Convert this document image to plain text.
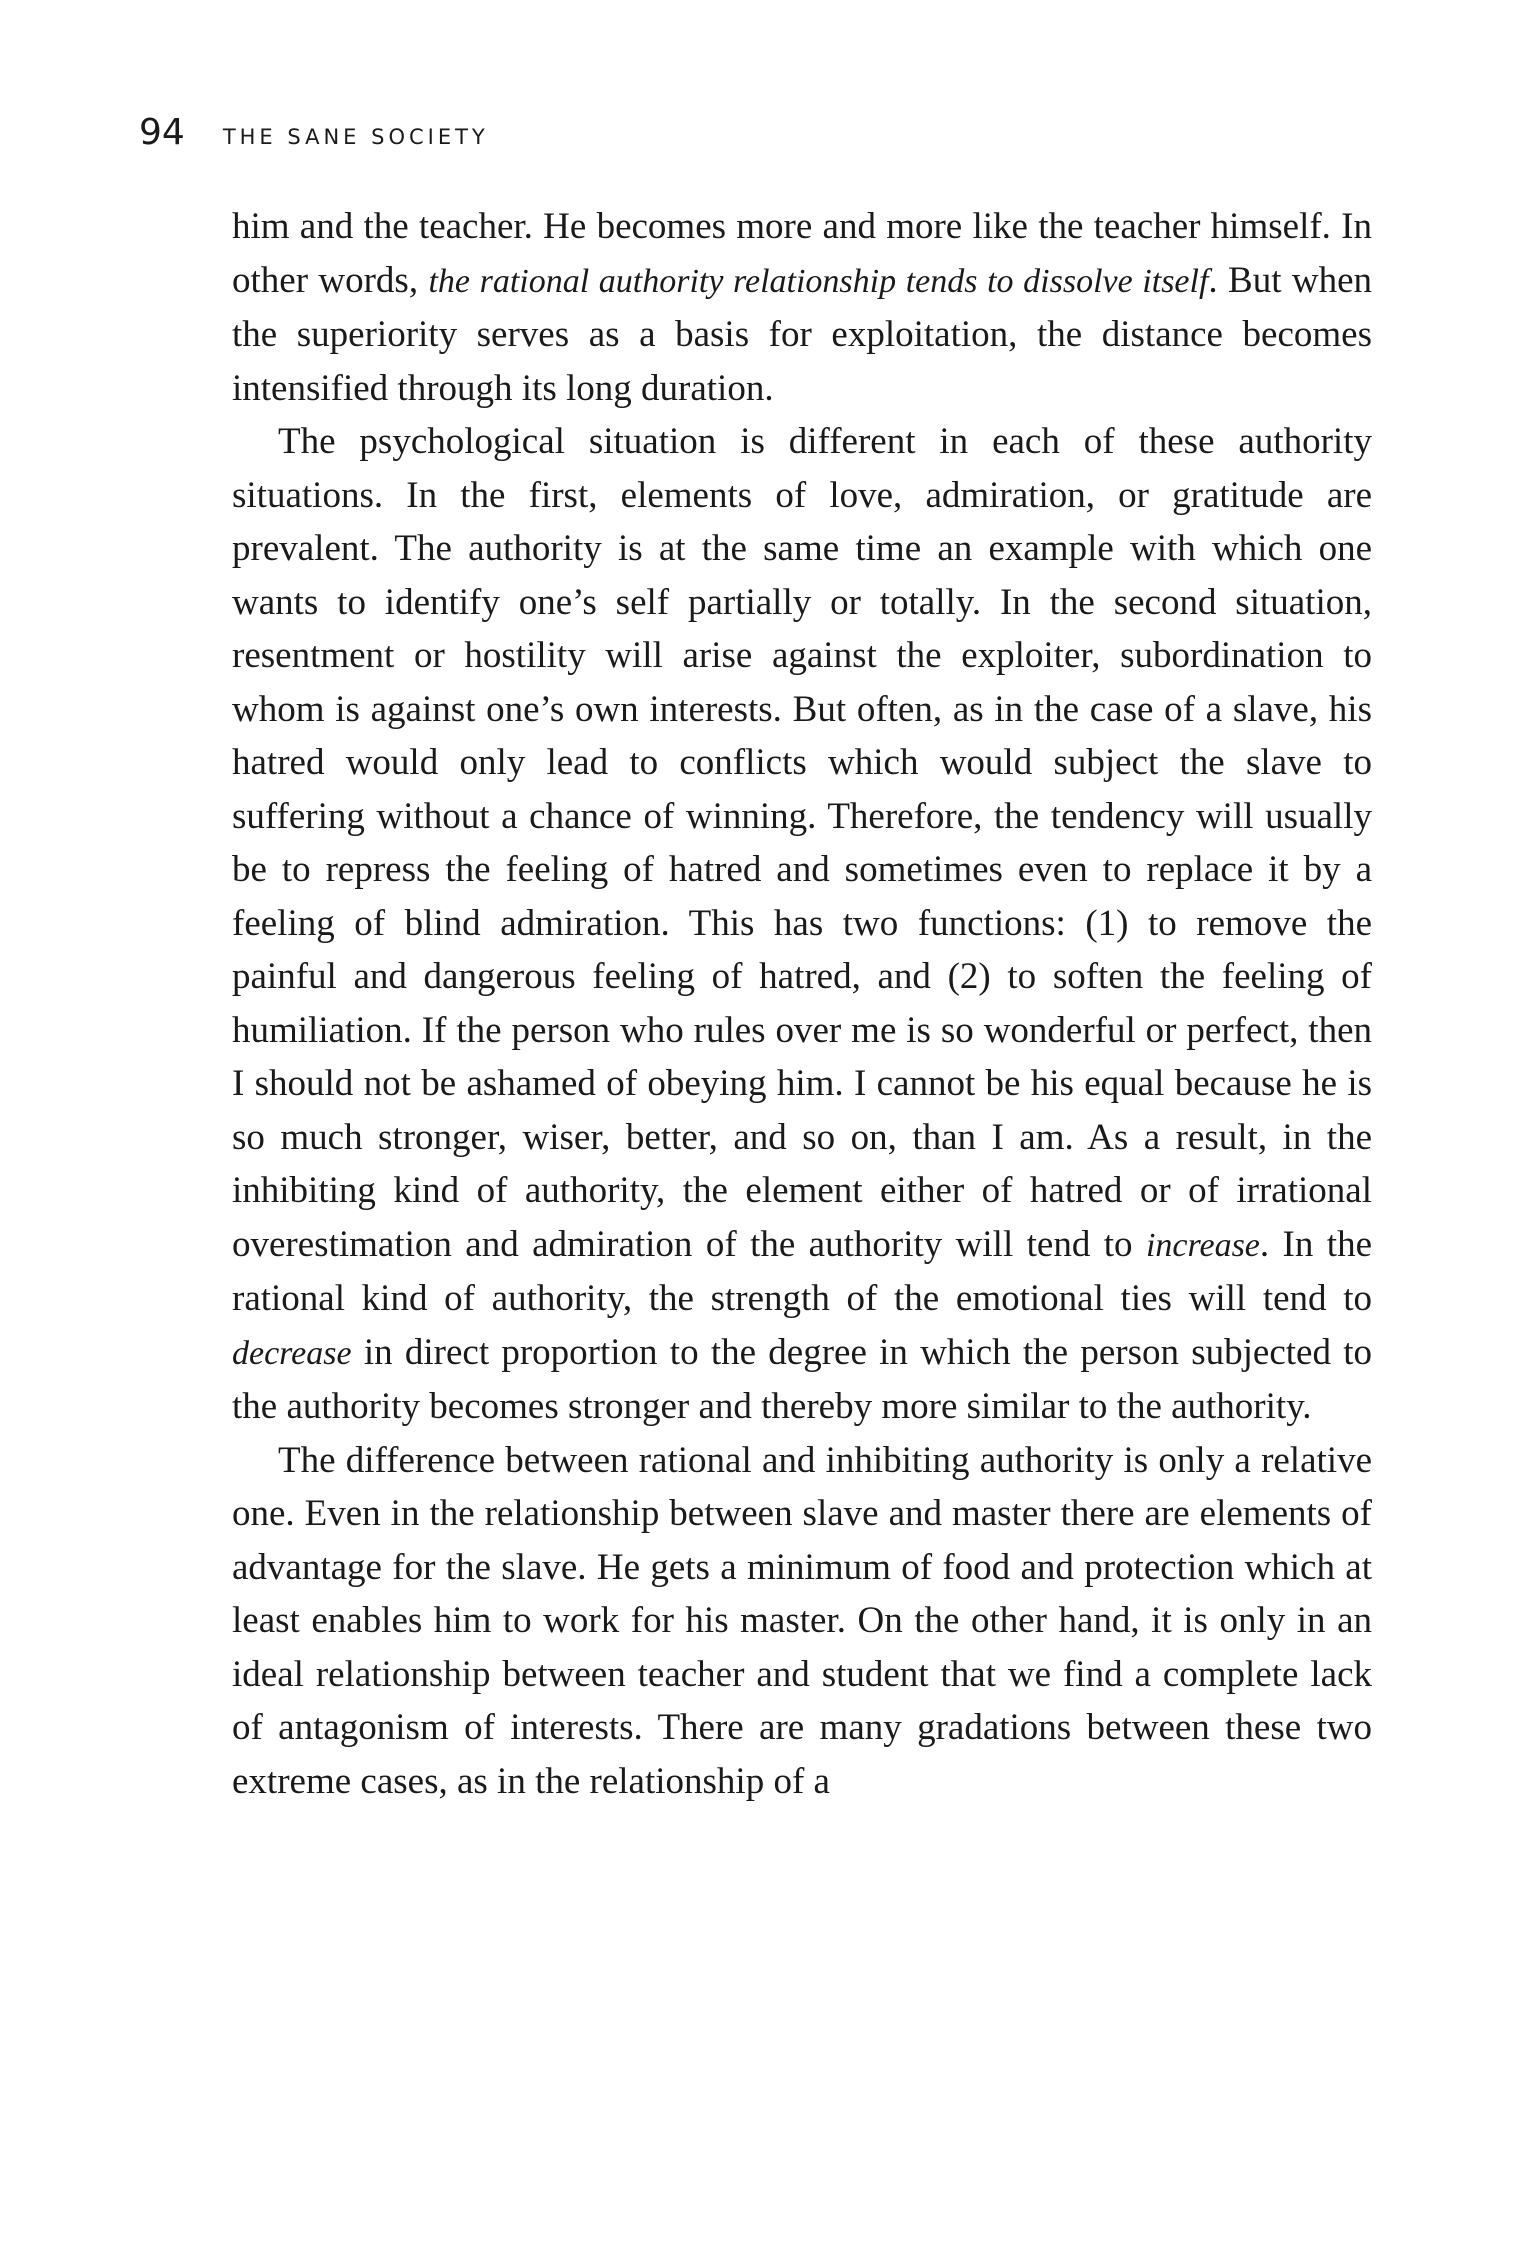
94 THE SANE SOCIETY

him and the teacher. He becomes more and more like the teacher himself. In other words, the rational authority relationship tends to dissolve itself. But when the superiority serves as a basis for exploitation, the distance becomes intensified through its long duration.

The psychological situation is different in each of these authority situations. In the first, elements of love, admiration, or gratitude are prevalent. The authority is at the same time an example with which one wants to identify one’s self partially or totally. In the second situation, resentment or hostility will arise against the exploiter, subordination to whom is against one’s own interests. But often, as in the case of a slave, his hatred would only lead to conflicts which would subject the slave to suffering without a chance of winning. Therefore, the tendency will usually be to repress the feeling of hatred and sometimes even to replace it by a feeling of blind admiration. This has two functions: (1) to remove the painful and dangerous feeling of hatred, and (2) to soften the feeling of humiliation. If the person who rules over me is so wonderful or perfect, then I should not be ashamed of obeying him. I cannot be his equal because he is so much stronger, wiser, better, and so on, than I am. As a result, in the inhibiting kind of authority, the element either of hatred or of irrational overestimation and admiration of the authority will tend to increase. In the rational kind of authority, the strength of the emotional ties will tend to decrease in direct proportion to the degree in which the person subjected to the authority becomes stronger and thereby more similar to the authority.

The difference between rational and inhibiting authority is only a relative one. Even in the relationship between slave and master there are elements of advantage for the slave. He gets a minimum of food and protection which at least enables him to work for his master. On the other hand, it is only in an ideal relationship between teacher and student that we find a complete lack of antagonism of interests. There are many gradations between these two extreme cases, as in the relationship of a
